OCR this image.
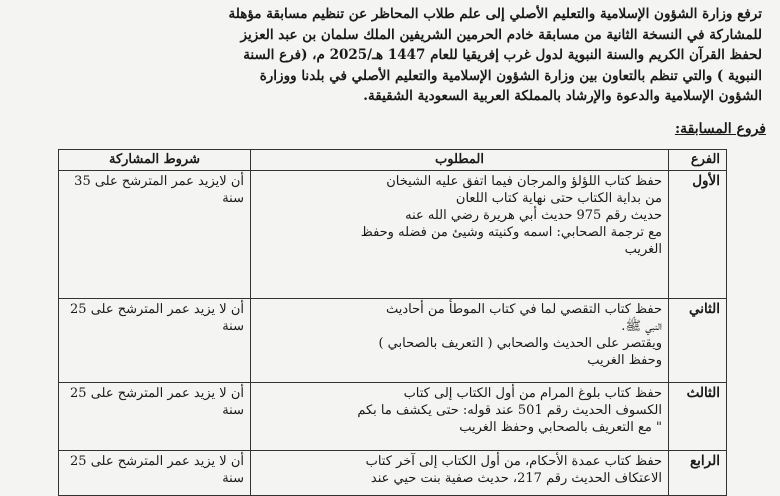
ترفع وزارة الشؤون الإسلامية والتعليم الأصلي إلى علم طلاب المحاظر عن تنظيم مسابقة مؤهلة

للمشاركة في النسخة الثانية من مسابقة خادم الحرمين الشريفين الملك سلمان بن عبد العزيز

لحفظ القرآن الكريم والسنة النبوية لدول غرب إفريقيا للعام 1447 هـ/2025 م، (فرع السنة

النبوية ) والتي تنظم بالتعاون بين وزارة الشؤون الإسلامية والتعليم الأصلي في بلدنا ووزارة

الشؤون الإسلامية والدعوة والإرشاد بالمملكة العربية السعودية الشقيقة.

فروع المسابقة:
الفرع	المطلوب	شروط المشاركة
الأول	حفظ كتاب اللؤلؤ والمرجان فيما اتفق عليه الشيخان

من بداية الكتاب حتى نهاية كتاب اللعان

حديث رقم 975 حديث أبي هريرة رضي الله عنه

مع ترجمة الصحابي: اسمه وكنيته وشيئ من فضله وحفظ

الغريب	أن لايزيد عمر المترشح على 35 سنة
الثاني	حفظ كتاب التقصي لما في كتاب الموطأ من أحاديث

النبي ﷺ.

ويقتصر على الحديث والصحابي ( التعريف بالصحابي )

وحفظ الغريب	أن لا يزيد عمر المترشح على 25 سنة
الثالث	حفظ كتاب بلوغ المرام من أول الكتاب إلى كتاب

الكسوف الحديث رقم 501 عند قوله: حتى يكشف ما بكم

" مع التعريف بالصحابي وحفظ الغريب	أن لا يزيد عمر المترشح على 25 سنة
الرابع	حفظ كتاب عمدة الأحكام، من أول الكتاب إلى آخر كتاب

الاعتكاف الحديث رقم 217، حديث صفية بنت حيي عند	أن لا يزيد عمر المترشح على 25 سنة
